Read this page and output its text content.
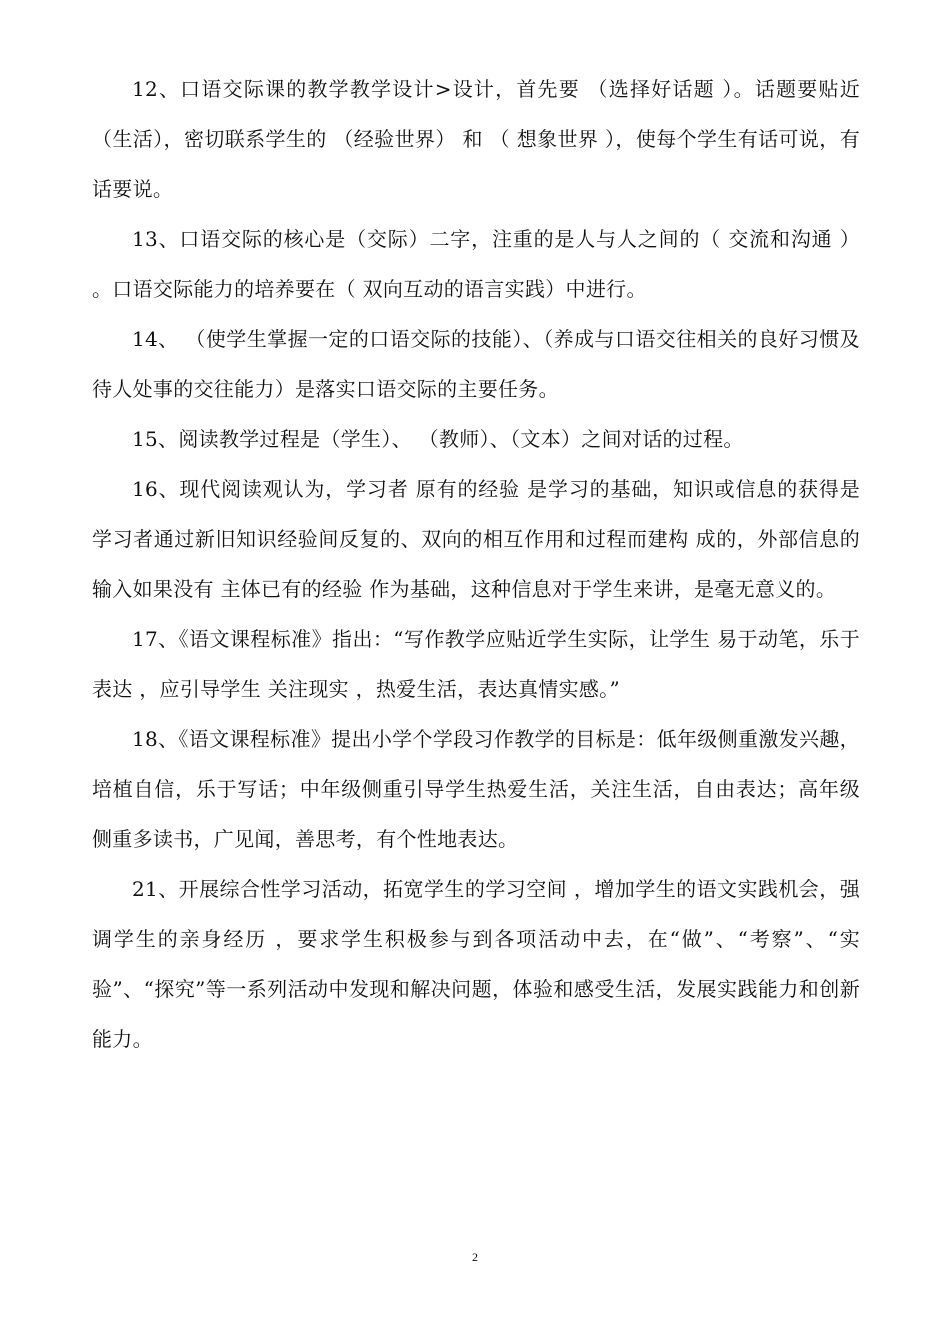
12、口语交际课的教学教学设计>设计，首先要 （选择好话题 ）。话题要贴近（生活），密切联系学生的 （经验世界） 和 （ 想象世界 ），使每个学生有话可说，有话要说。

13、口语交际的核心是（交际）二字，注重的是人与人之间的（ 交流和沟通 ） 。口语交际能力的培养要在（ 双向互动的语言实践）中进行。

14、 （使学生掌握一定的口语交际的技能）、（养成与口语交往相关的良好习惯及待人处事的交往能力）是落实口语交际的主要任务。

15、阅读教学过程是（学生）、 （教师）、（文本）之间对话的过程。

16、现代阅读观认为，学习者 原有的经验 是学习的基础，知识或信息的获得是学习者通过新旧知识经验间反复的、双向的相互作用和过程而建构 成的，外部信息的输入如果没有 主体已有的经验 作为基础，这种信息对于学生来讲，是毫无意义的。

17、《语文课程标准》指出：“写作教学应贴近学生实际，让学生 易于动笔，乐于表达 ，应引导学生 关注现实 ，热爱生活，表达真情实感。”

18、《语文课程标准》提出小学个学段习作教学的目标是：低年级侧重激发兴趣，培植自信，乐于写话；中年级侧重引导学生热爱生活，关注生活，自由表达；高年级侧重多读书，广见闻，善思考，有个性地表达。

21、开展综合性学习活动，拓宽学生的学习空间 ，增加学生的语文实践机会，强调学生的亲身经历 ，要求学生积极参与到各项活动中去，在“做”、“考察”、“实验”、“探究”等一系列活动中发现和解决问题，体验和感受生活，发展实践能力和创新能力。

2
